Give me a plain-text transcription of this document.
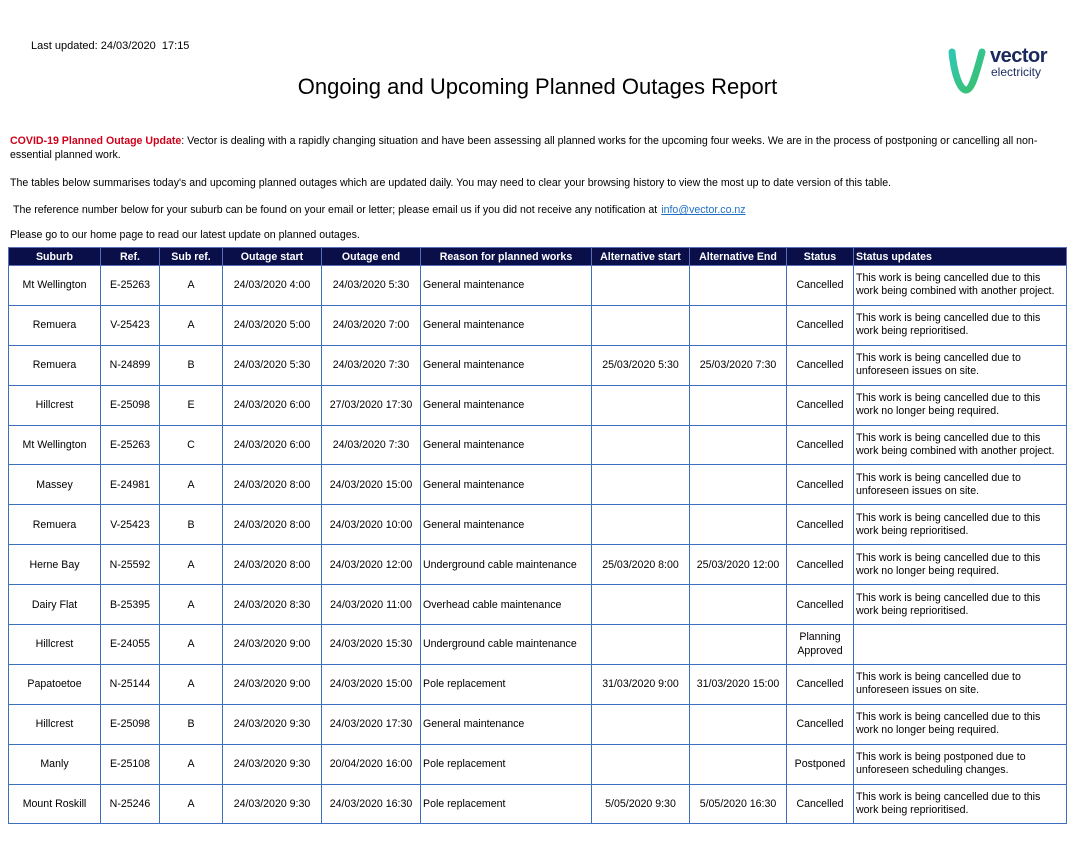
Last updated: 24/03/2020  17:15	vector
electricity
Ongoing and Upcoming Planned Outages Report
COVID-19 Planned Outage Update: Vector is dealing with a rapidly changing situation and have been assessing all planned works for the upcoming four weeks. We are in the process of postponing or cancelling all non-essential planned work.
The tables below summarises today's and upcoming planned outages which are updated daily. You may need to clear your browsing history to view the most up to date version of this table.
The reference number below for your suburb can be found on your email or letter; please email us if you did not receive any notification at info@vector.co.nz
Please go to our home page to read our latest update on planned outages.
Suburb	Ref.	Sub ref.	Outage start	Outage end	Reason for planned works	Alternative start	Alternative End	Status	Status updates
Mt Wellington	E-25263	A	24/03/2020 4:00	24/03/2020 5:30	General maintenance			Cancelled	This work is being cancelled due to this work being combined with another project.
Remuera	V-25423	A	24/03/2020 5:00	24/03/2020 7:00	General maintenance			Cancelled	This work is being cancelled due to this work being reprioritised.
Remuera	N-24899	B	24/03/2020 5:30	24/03/2020 7:30	General maintenance	25/03/2020 5:30	25/03/2020 7:30	Cancelled	This work is being cancelled due to unforeseen issues on site.
Hillcrest	E-25098	E	24/03/2020 6:00	27/03/2020 17:30	General maintenance			Cancelled	This work is being cancelled due to this work no longer being required.
Mt Wellington	E-25263	C	24/03/2020 6:00	24/03/2020 7:30	General maintenance			Cancelled	This work is being cancelled due to this work being combined with another project.
Massey	E-24981	A	24/03/2020 8:00	24/03/2020 15:00	General maintenance			Cancelled	This work is being cancelled due to unforeseen issues on site.
Remuera	V-25423	B	24/03/2020 8:00	24/03/2020 10:00	General maintenance			Cancelled	This work is being cancelled due to this work being reprioritised.
Herne Bay	N-25592	A	24/03/2020 8:00	24/03/2020 12:00	Underground cable maintenance	25/03/2020 8:00	25/03/2020 12:00	Cancelled	This work is being cancelled due to this work no longer being required.
Dairy Flat	B-25395	A	24/03/2020 8:30	24/03/2020 11:00	Overhead cable maintenance			Cancelled	This work is being cancelled due to this work being reprioritised.
Hillcrest	E-24055	A	24/03/2020 9:00	24/03/2020 15:30	Underground cable maintenance			Planning Approved	
Papatoetoe	N-25144	A	24/03/2020 9:00	24/03/2020 15:00	Pole replacement	31/03/2020 9:00	31/03/2020 15:00	Cancelled	This work is being cancelled due to unforeseen issues on site.
Hillcrest	E-25098	B	24/03/2020 9:30	24/03/2020 17:30	General maintenance			Cancelled	This work is being cancelled due to this work no longer being required.
Manly	E-25108	A	24/03/2020 9:30	20/04/2020 16:00	Pole replacement			Postponed	This work is being postponed due to unforeseen scheduling changes.
Mount Roskill	N-25246	A	24/03/2020 9:30	24/03/2020 16:30	Pole replacement	5/05/2020 9:30	5/05/2020 16:30	Cancelled	This work is being cancelled due to this work being reprioritised.
